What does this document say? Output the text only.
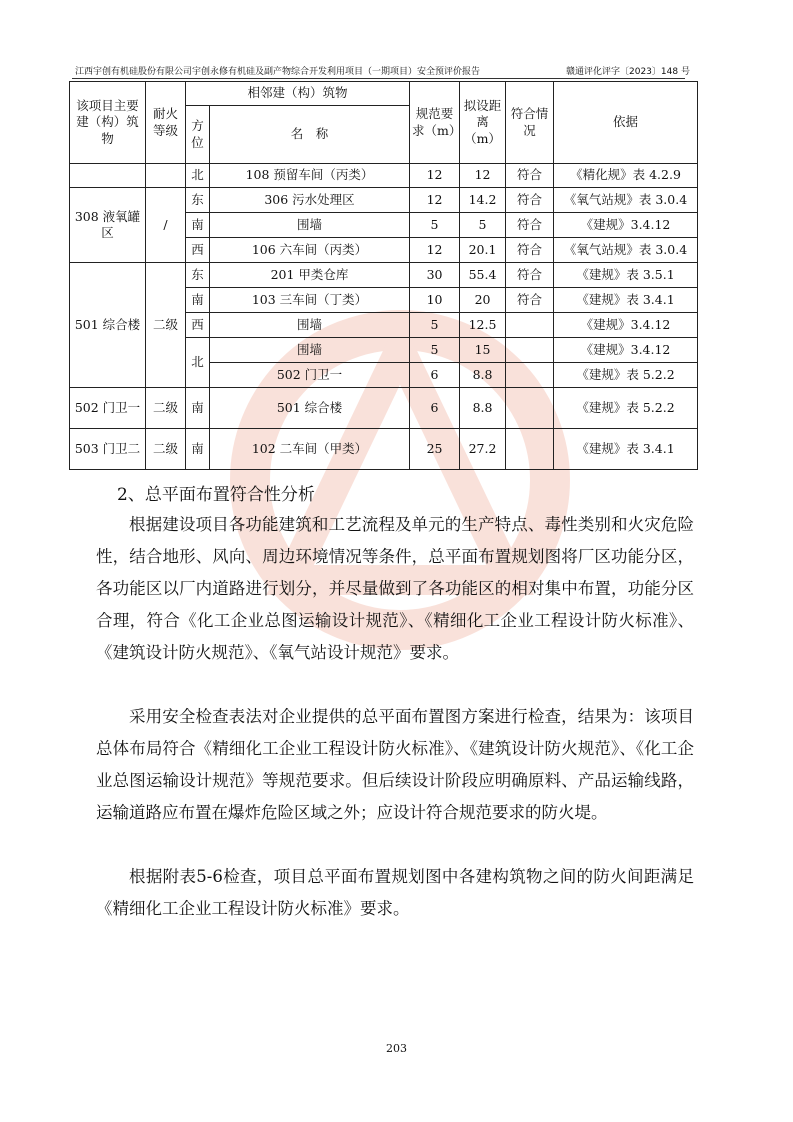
江西宇创有机硅股份有限公司宇创永修有机硅及副产物综合开发利用项目（一期项目）安全预评价报告	赣通评化评字〔2023〕148 号
该项目主要建（构）筑物	耐火等级	相邻建（构）筑物		规范要求（m）	拟设距离（m）	符合情况	依据
		方位	名　称				
		北	108 预留车间（丙类）	12	12	符合	《精化规》表 4.2.9
308 液氧罐区	/	东	306 污水处理区	12	14.2	符合	《氧气站规》表 3.0.4
		南	围墙	5	5	符合	《建规》3.4.12
		西	106 六车间（丙类）	12	20.1	符合	《氧气站规》表 3.0.4
501 综合楼	二级	东	201 甲类仓库	30	55.4	符合	《建规》表 3.5.1
		南	103 三车间（丁类）	10	20	符合	《建规》表 3.4.1
		西	围墙	5	12.5		《建规》3.4.12
		北	围墙	5	15		《建规》3.4.12
			502 门卫一	6	8.8		《建规》表 5.2.2
502 门卫一	二级	南	501 综合楼	6	8.8		《建规》表 5.2.2
503 门卫二	二级	南	102 二车间（甲类）	25	27.2		《建规》表 3.4.1
2、总平面布置符合性分析

根据建设项目各功能建筑和工艺流程及单元的生产特点、毒性类别和火灾危险性，结合地形、风向、周边环境情况等条件，总平面布置规划图将厂区功能分区，各功能区以厂内道路进行划分，并尽量做到了各功能区的相对集中布置，功能分区合理，符合《化工企业总图运输设计规范》、《精细化工企业工程设计防火标准》、《建筑设计防火规范》、《氧气站设计规范》要求。

采用安全检查表法对企业提供的总平面布置图方案进行检查，结果为：该项目总体布局符合《精细化工企业工程设计防火标准》、《建筑设计防火规范》、《化工企业总图运输设计规范》等规范要求。但后续设计阶段应明确原料、产品运输线路，运输道路应布置在爆炸危险区域之外；应设计符合规范要求的防火堤。

根据附表5-6检查，项目总平面布置规划图中各建构筑物之间的防火间距满足《精细化工企业工程设计防火标准》要求。

203
